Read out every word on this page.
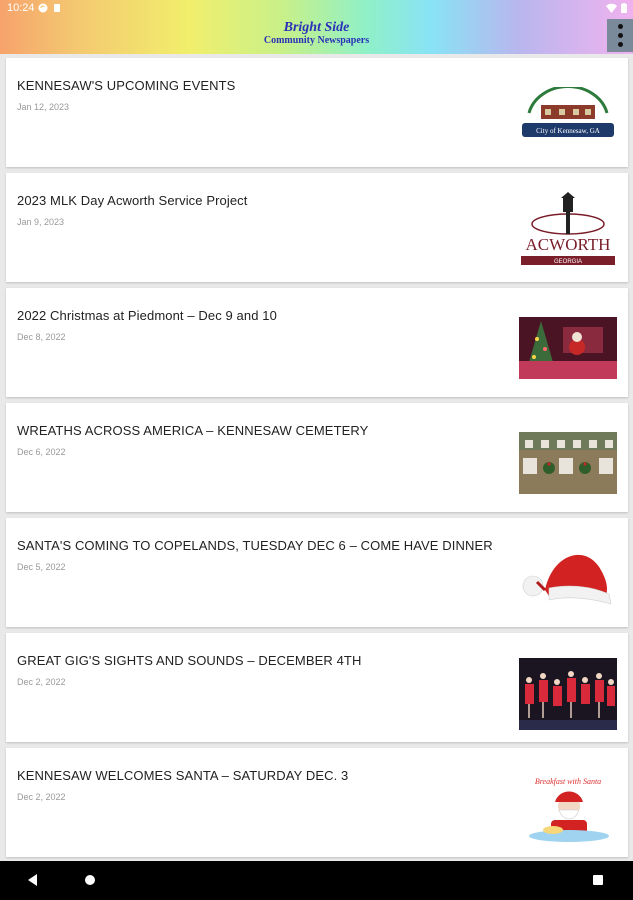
10:24
Bright Side
Community Newspapers
KENNESAW'S UPCOMING EVENTS
Jan 12, 2023
City of Kennesaw, GA
2023 MLK Day Acworth Service Project
Jan 9, 2023
ACWORTH
GEORGIA
2022 Christmas at Piedmont – Dec 9 and 10
Dec 8, 2022
WREATHS ACROSS AMERICA – KENNESAW CEMETERY
Dec 6, 2022
SANTA'S COMING TO COPELANDS, TUESDAY DEC 6 – COME HAVE DINNER
Dec 5, 2022
GREAT GIG'S SIGHTS AND SOUNDS – DECEMBER 4TH
Dec 2, 2022
KENNESAW WELCOMES SANTA – SATURDAY DEC. 3
Dec 2, 2022
Breakfast with Santa
